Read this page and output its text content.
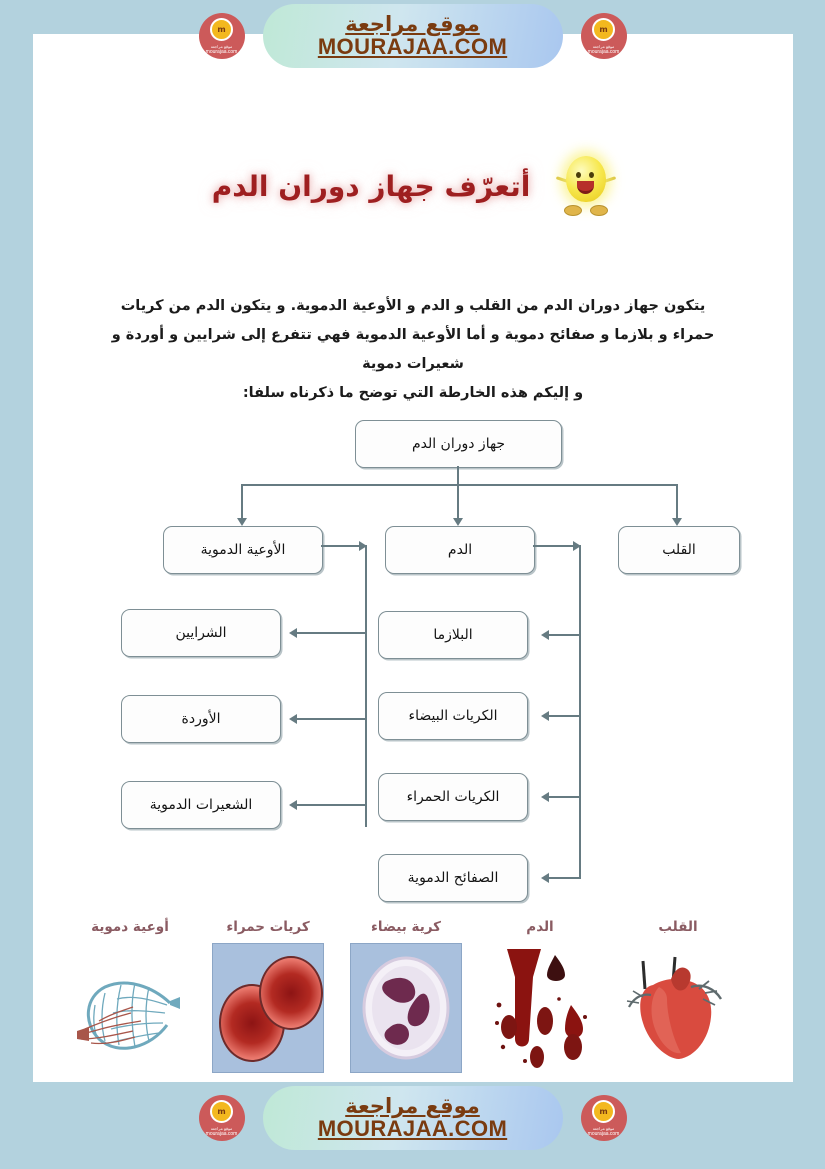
m
موقع مراجعة
mourajaa.com
موقع مراجعة
MOURAJAA.COM
m
موقع مراجعة
mourajaa.com
أتعرّف جهاز دوران الدم
يتكون جهاز دوران الدم من القلب و الدم و الأوعية الدموية. و يتكون الدم من كريات
حمراء و بلازما و صفائح دموية و أما الأوعية الدموية فهي تتفرع إلى شرايين و أوردة و شعيرات دموية
و إليكم هذه الخارطة التي توضح ما ذكرناه سلفا:
جهاز دوران الدم
الأوعية الدموية	الدم	القلب
الشرايين
الأوردة
الشعيرات الدموية
البلازما
الكريات البيضاء
الكريات الحمراء
الصفائح الدموية
القلب
الدم
كرية بيضاء
كريات حمراء
أوعية دموية
m
موقع مراجعة
mourajaa.com
موقع مراجعة
MOURAJAA.COM
m
موقع مراجعة
mourajaa.com
